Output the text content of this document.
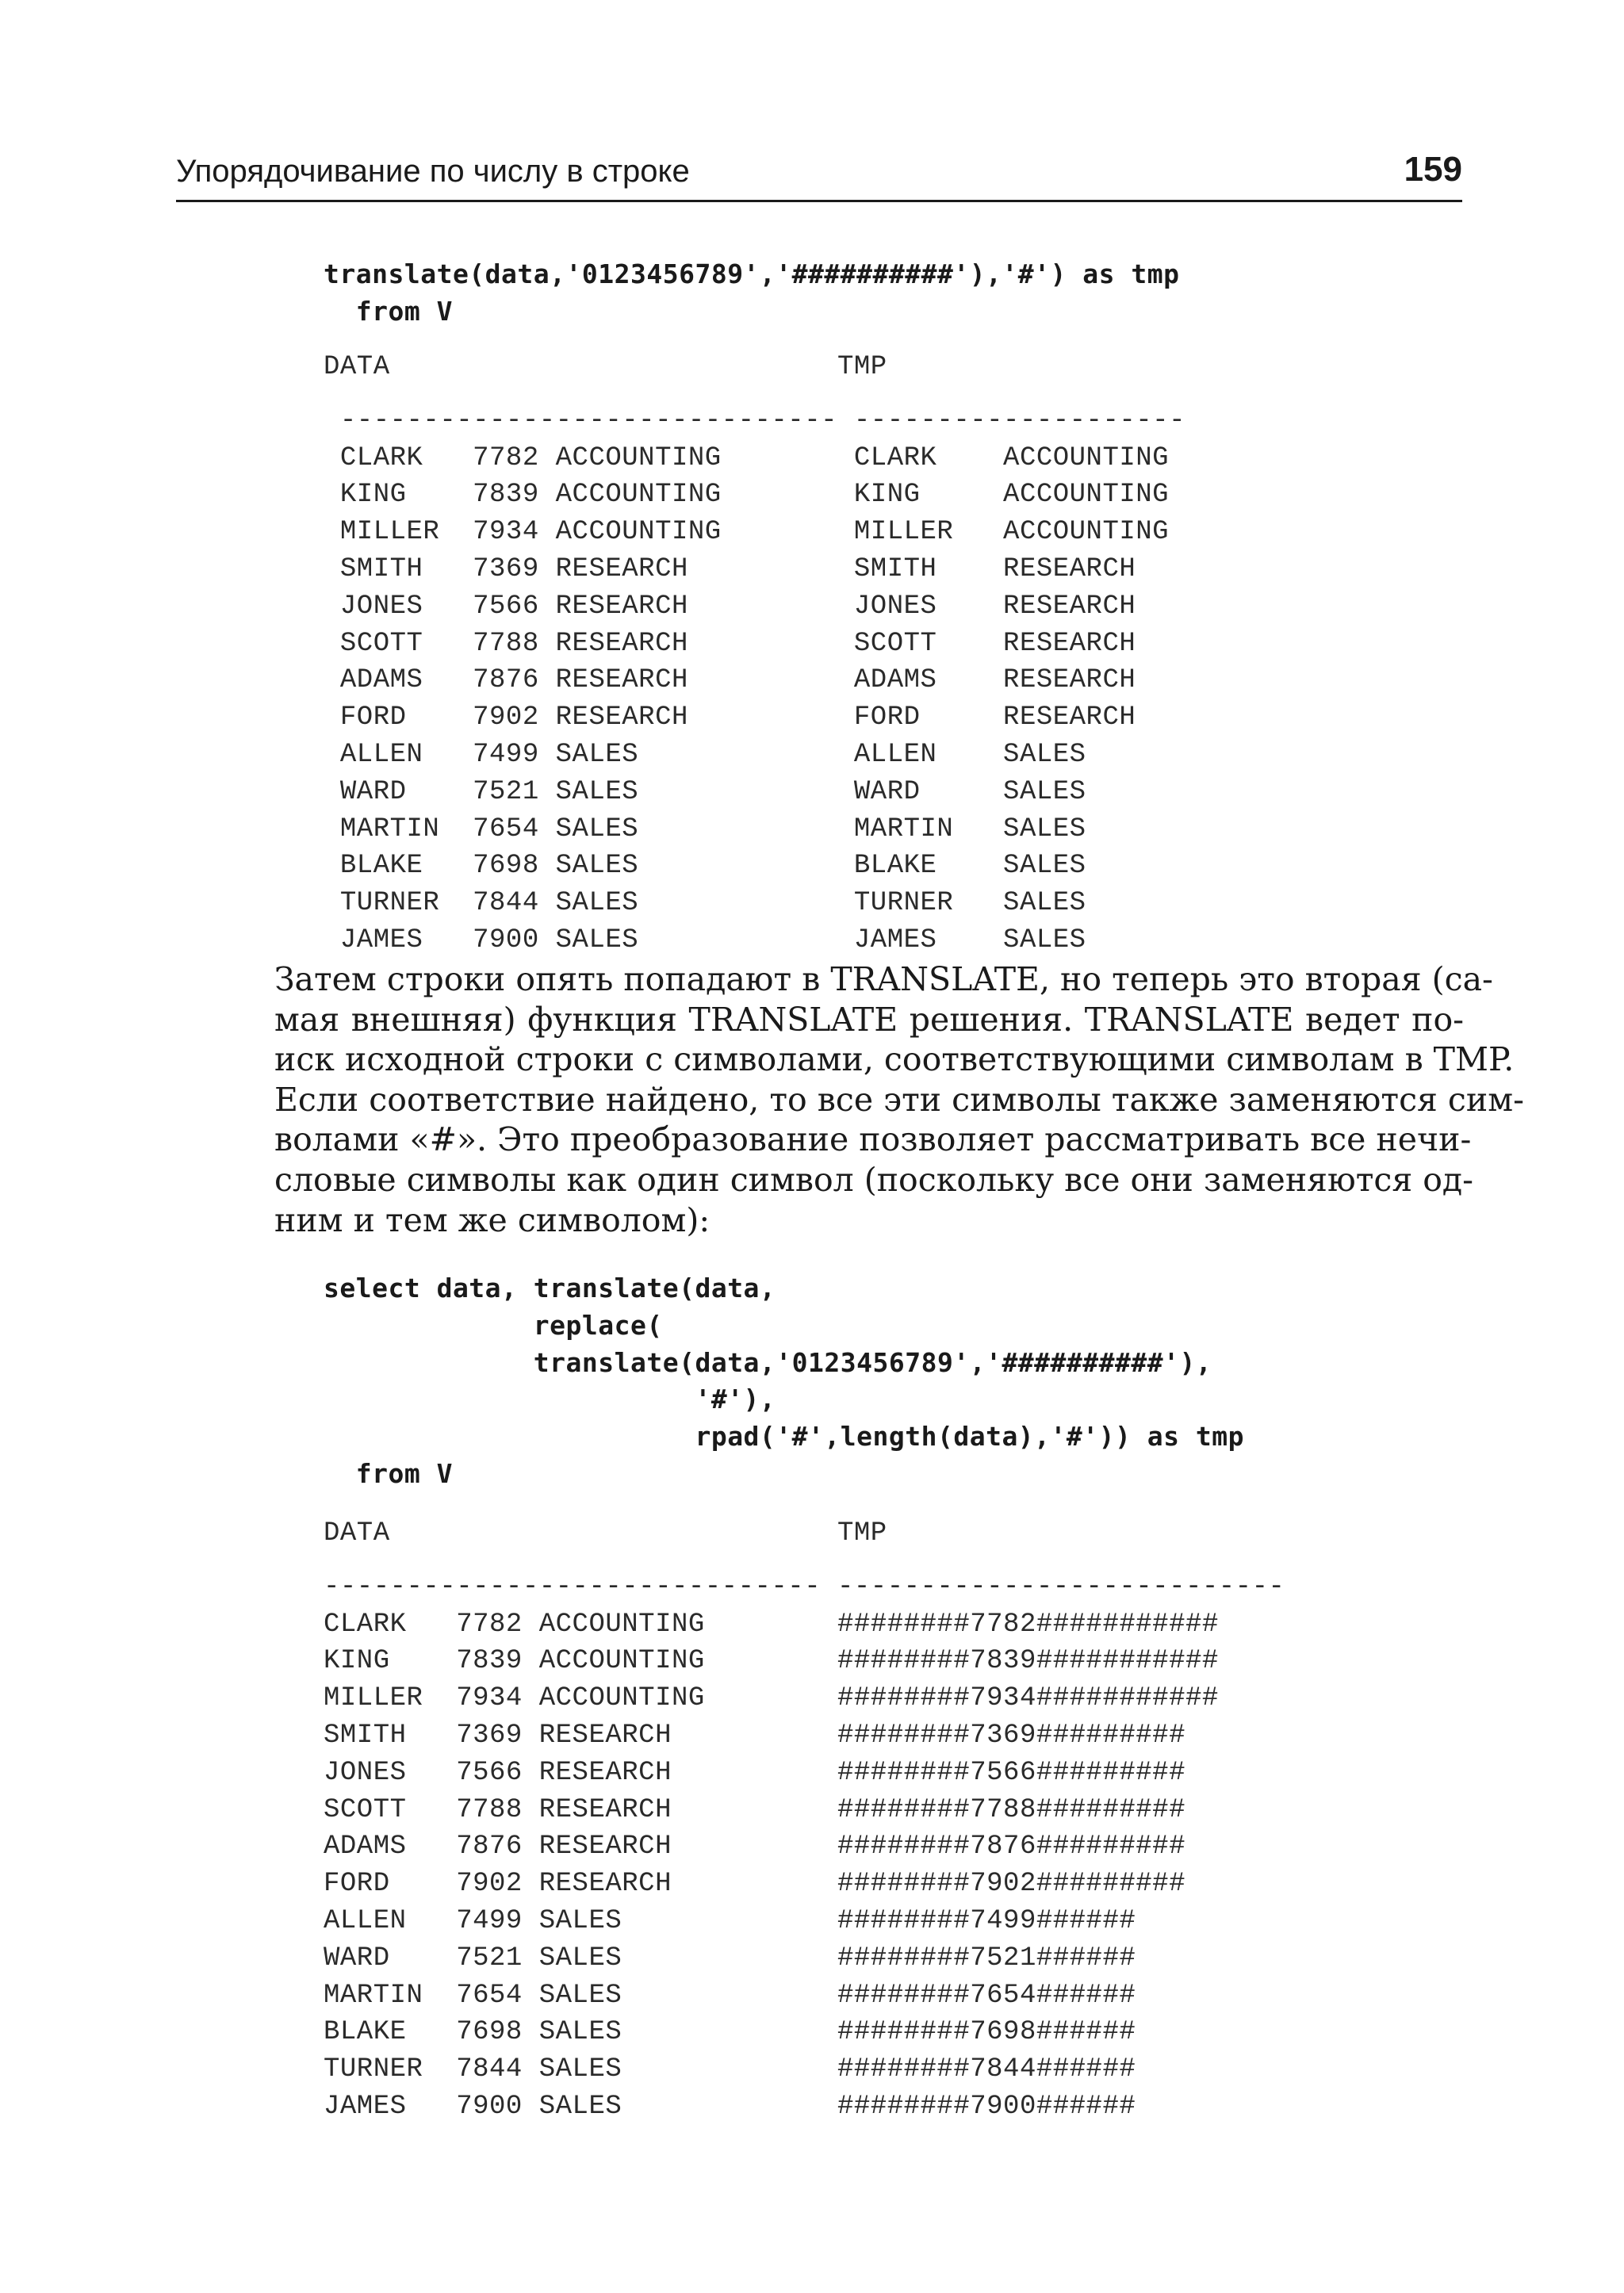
Упорядочивание по числу в строке	159
translate(data,'0123456789','##########'),'#') as tmp
from V
DATA                           TMP
------------------------------ --------------------
CLARK   7782 ACCOUNTING        CLARK    ACCOUNTING
KING    7839 ACCOUNTING        KING     ACCOUNTING
MILLER  7934 ACCOUNTING        MILLER   ACCOUNTING
SMITH   7369 RESEARCH          SMITH    RESEARCH
JONES   7566 RESEARCH          JONES    RESEARCH
SCOTT   7788 RESEARCH          SCOTT    RESEARCH
ADAMS   7876 RESEARCH          ADAMS    RESEARCH
FORD    7902 RESEARCH          FORD     RESEARCH
ALLEN   7499 SALES             ALLEN    SALES
WARD    7521 SALES             WARD     SALES
MARTIN  7654 SALES             MARTIN   SALES
BLAKE   7698 SALES             BLAKE    SALES
TURNER  7844 SALES             TURNER   SALES
JAMES   7900 SALES             JAMES    SALES
Затем строки опять попадают в TRANSLATE, но теперь это вторая (са-
мая внешняя) функция TRANSLATE решения. TRANSLATE ведет по-
иск исходной строки с символами, соответствующими символам в TMP.
Если соответствие найдено, то все эти символы также заменяются сим-
волами «#». Это преобразование позволяет рассматривать все нечи-
словые символы как один символ (поскольку все они заменяются од-
ним и тем же символом):
select data, translate(data,
replace(
translate(data,'0123456789','##########'),
'#'),
rpad('#',length(data),'#')) as tmp
from V
DATA                           TMP
------------------------------ ---------------------------
CLARK   7782 ACCOUNTING        ########7782###########
KING    7839 ACCOUNTING        ########7839###########
MILLER  7934 ACCOUNTING        ########7934###########
SMITH   7369 RESEARCH          ########7369#########
JONES   7566 RESEARCH          ########7566#########
SCOTT   7788 RESEARCH          ########7788#########
ADAMS   7876 RESEARCH          ########7876#########
FORD    7902 RESEARCH          ########7902#########
ALLEN   7499 SALES             ########7499######
WARD    7521 SALES             ########7521######
MARTIN  7654 SALES             ########7654######
BLAKE   7698 SALES             ########7698######
TURNER  7844 SALES             ########7844######
JAMES   7900 SALES             ########7900######
